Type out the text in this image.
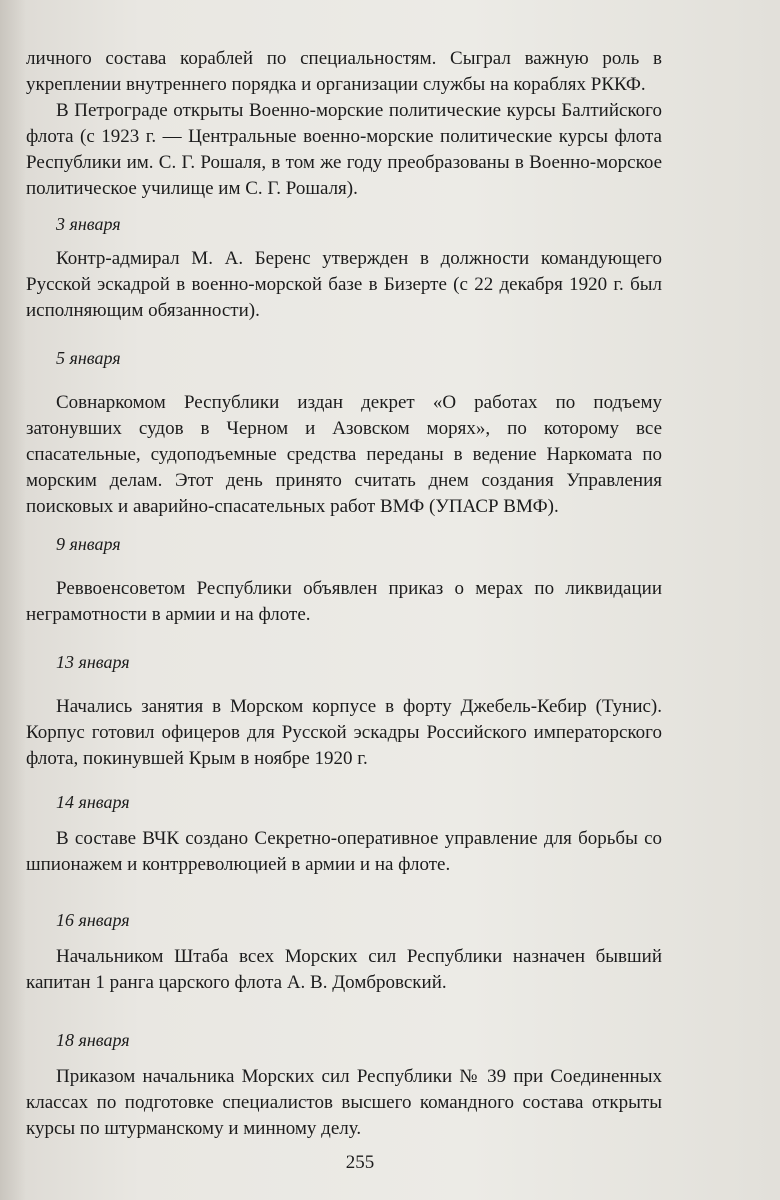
личного состава кораблей по специальностям. Сыграл важную роль в укреплении внутреннего порядка и организации службы на кораблях РККФ.

В Петрограде открыты Военно-морские политические курсы Балтийского флота (с 1923 г. — Центральные военно-морские политические курсы флота Республики им. С. Г. Рошаля, в том же году преобразованы в Военно-морское политическое училище им С. Г. Рошаля).

3 января

Контр-адмирал М. А. Беренс утвержден в должности командующего Русской эскадрой в военно-морской базе в Бизерте (с 22 декабря 1920 г. был исполняющим обязанности).

5 января

Совнаркомом Республики издан декрет «О работах по подъему затонувших судов в Черном и Азовском морях», по которому все спасательные, судоподъемные средства переданы в ведение Наркомата по морским делам. Этот день принято считать днем создания Управления поисковых и аварийно-спасательных работ ВМФ (УПАСР ВМФ).

9 января

Реввоенсоветом Республики объявлен приказ о мерах по ликвидации неграмотности в армии и на флоте.

13 января

Начались занятия в Морском корпусе в форту Джебель-Кебир (Тунис). Корпус готовил офицеров для Русской эскадры Российского императорского флота, покинувшей Крым в ноябре 1920 г.

14 января

В составе ВЧК создано Секретно-оперативное управление для борьбы со шпионажем и контрреволюцией в армии и на флоте.

16 января

Начальником Штаба всех Морских сил Республики назначен бывший капитан 1 ранга царского флота А. В. Домбровский.

18 января

Приказом начальника Морских сил Республики № 39 при Соединенных классах по подготовке специалистов высшего командного состава открыты курсы по штурманскому и минному делу.

255
